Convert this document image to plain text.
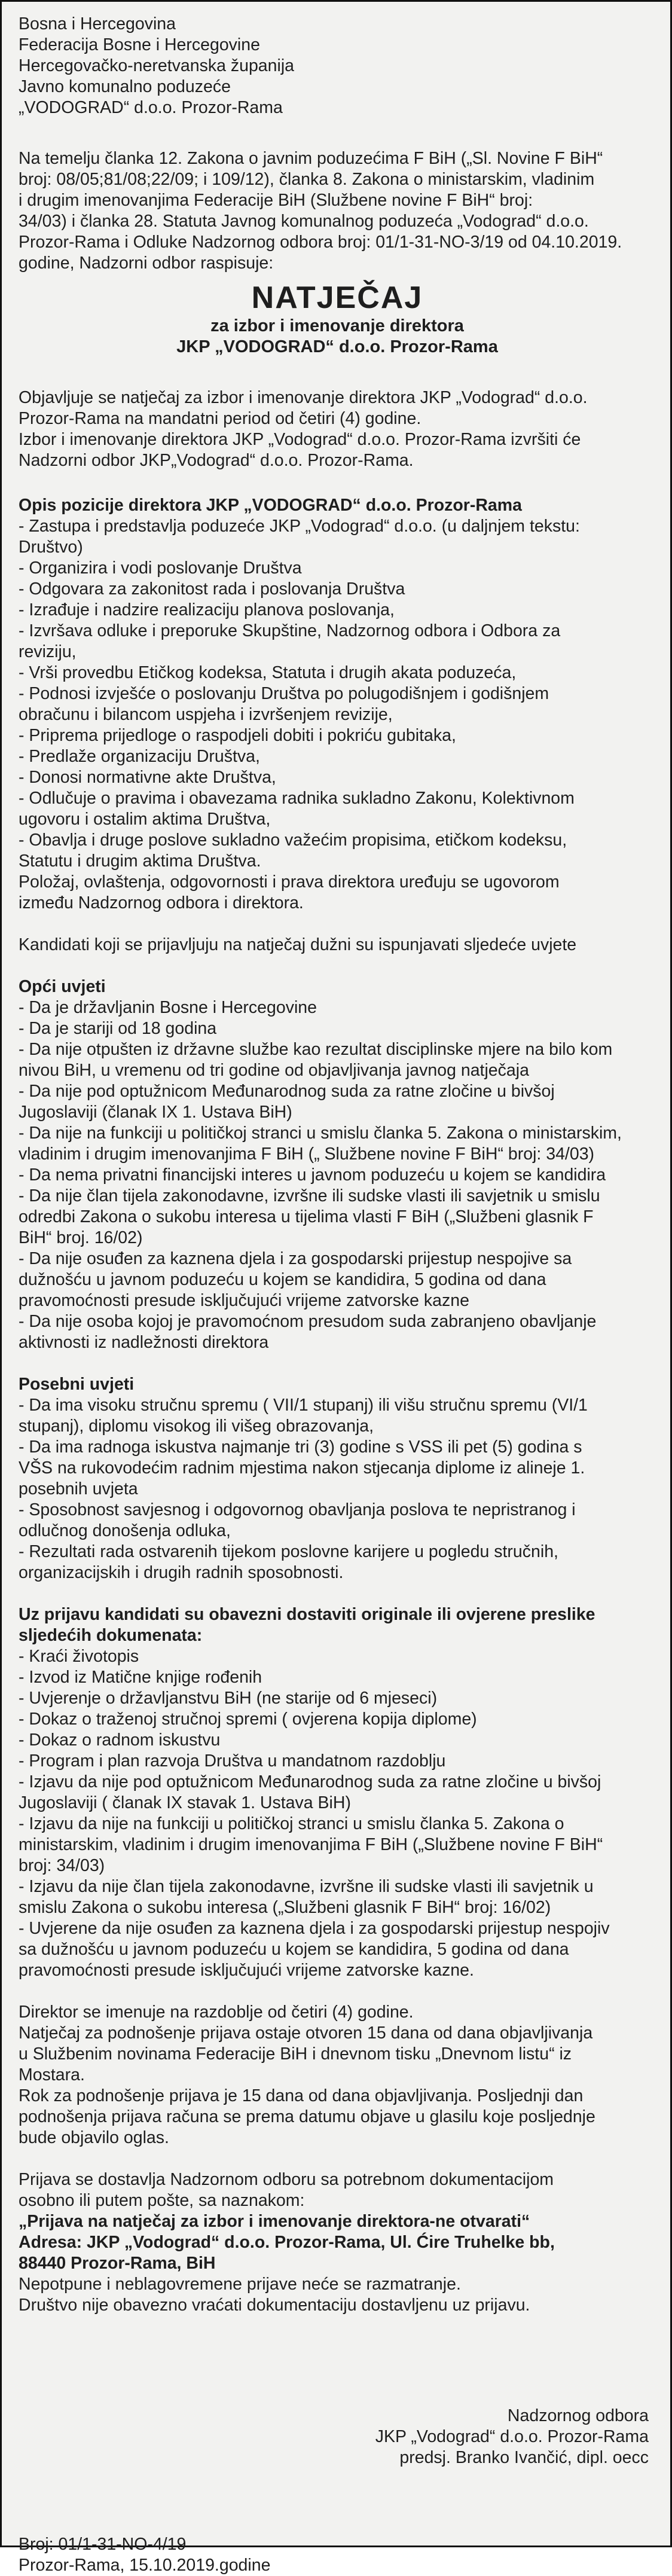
Bosna i Hercegovina
Federacija Bosne i Hercegovine
Hercegovačko-neretvanska županija
Javno komunalno poduzeće
„VODOGRAD“ d.o.o. Prozor-Rama
Na temelju članka 12. Zakona o javnim poduzećima F BiH („Sl. Novine F BiH“
broj: 08/05;81/08;22/09; i 109/12), članka 8. Zakona o ministarskim, vladinim
i drugim imenovanjima Federacije BiH (Službene novine F BiH“ broj:
34/03) i članka 28. Statuta Javnog komunalnog poduzeća „Vodograd“ d.o.o.
Prozor-Rama i Odluke Nadzornog odbora broj: 01/1-31-NO-3/19 od 04.10.2019.
godine, Nadzorni odbor raspisuje:
NATJEČAJ
za izbor i imenovanje direktora
JKP „VODOGRAD“ d.o.o. Prozor-Rama
Objavljuje se natječaj za izbor i imenovanje direktora JKP „Vodograd“ d.o.o.
Prozor-Rama na mandatni period od četiri (4) godine.
Izbor i imenovanje direktora JKP „Vodograd“ d.o.o. Prozor-Rama izvršiti će
Nadzorni odbor JKP„Vodograd“ d.o.o. Prozor-Rama.
Opis pozicije direktora JKP „VODOGRAD“ d.o.o. Prozor-Rama
- Zastupa i predstavlja poduzeće JKP „Vodograd“ d.o.o. (u daljnjem tekstu:
Društvo)
- Organizira i vodi poslovanje Društva
- Odgovara za zakonitost rada i poslovanja Društva
- Izrađuje i nadzire realizaciju planova poslovanja,
- Izvršava odluke i preporuke Skupštine, Nadzornog odbora i Odbora za
reviziju,
- Vrši provedbu Etičkog kodeksa, Statuta i drugih akata poduzeća,
- Podnosi izvješće o poslovanju Društva po polugodišnjem i godišnjem
obračunu i bilancom uspjeha i izvršenjem revizije,
- Priprema prijedloge o raspodjeli dobiti i pokriću gubitaka,
- Predlaže organizaciju Društva,
- Donosi normativne akte Društva,
- Odlučuje o pravima i obavezama radnika sukladno Zakonu, Kolektivnom
ugovoru i ostalim aktima Društva,
- Obavlja i druge poslove sukladno važećim propisima, etičkom kodeksu,
Statutu i drugim aktima Društva.
Položaj, ovlaštenja, odgovornosti i prava direktora uređuju se ugovorom
između Nadzornog odbora i direktora.
Kandidati koji se prijavljuju na natječaj dužni su ispunjavati sljedeće uvjete
Opći uvjeti
- Da je državljanin Bosne i Hercegovine
- Da je stariji od 18 godina
- Da nije otpušten iz državne službe kao rezultat disciplinske mjere na bilo kom
nivou BiH, u vremenu od tri godine od objavljivanja javnog natječaja
- Da nije pod optužnicom Međunarodnog suda za ratne zločine u bivšoj
Jugoslaviji (članak IX 1. Ustava BiH)
- Da nije na funkciji u političkoj stranci u smislu članka 5. Zakona o ministarskim,
vladinim i drugim imenovanjima F BiH („ Službene novine F BiH“ broj: 34/03)
- Da nema privatni financijski interes u javnom poduzeću u kojem se kandidira
- Da nije član tijela zakonodavne, izvršne ili sudske vlasti ili savjetnik u smislu
odredbi Zakona o sukobu interesa u tijelima vlasti F BiH („Službeni glasnik F
BiH“ broj. 16/02)
- Da nije osuđen za kaznena djela i za gospodarski prijestup nespojive sa
dužnošću u javnom poduzeću u kojem se kandidira, 5 godina od dana
pravomoćnosti presude isključujući vrijeme zatvorske kazne
- Da nije osoba kojoj je pravomoćnom presudom suda zabranjeno obavljanje
aktivnosti iz nadležnosti direktora
Posebni uvjeti
- Da ima visoku stručnu spremu ( VII/1 stupanj) ili višu stručnu spremu (VI/1
stupanj), diplomu visokog ili višeg obrazovanja,
- Da ima radnoga iskustva najmanje tri (3) godine s VSS ili pet (5) godina s
VŠS na rukovodećim radnim mjestima nakon stjecanja diplome iz alineje 1.
posebnih uvjeta
- Sposobnost savjesnog i odgovornog obavljanja poslova te nepristranog i
odlučnog donošenja odluka,
- Rezultati rada ostvarenih tijekom poslovne karijere u pogledu stručnih,
organizacijskih i drugih radnih sposobnosti.
Uz prijavu kandidati su obavezni dostaviti originale ili ovjerene preslike
sljedećih dokumenata:
- Kraći životopis
- Izvod iz Matične knjige rođenih
- Uvjerenje o državljanstvu BiH (ne starije od 6 mjeseci)
- Dokaz o traženoj stručnoj spremi ( ovjerena kopija diplome)
- Dokaz o radnom iskustvu
- Program i plan razvoja Društva u mandatnom razdoblju
- Izjavu da nije pod optužnicom Međunarodnog suda za ratne zločine u bivšoj
Jugoslaviji ( članak IX stavak 1. Ustava BiH)
- Izjavu da nije na funkciji u političkoj stranci u smislu članka 5. Zakona o
ministarskim, vladinim i drugim imenovanjima F BiH („Službene novine F BiH“
broj: 34/03)
- Izjavu da nije član tijela zakonodavne, izvršne ili sudske vlasti ili savjetnik u
smislu Zakona o sukobu interesa („Službeni glasnik F BiH“ broj: 16/02)
- Uvjerene da nije osuđen za kaznena djela i za gospodarski prijestup nespojiv
sa dužnošću u javnom poduzeću u kojem se kandidira, 5 godina od dana
pravomoćnosti presude isključujući vrijeme zatvorske kazne.
Direktor se imenuje na razdoblje od četiri (4) godine.
Natječaj za podnošenje prijava ostaje otvoren 15 dana od dana objavljivanja
u Službenim novinama Federacije BiH i dnevnom tisku „Dnevnom listu“ iz
Mostara.
Rok za podnošenje prijava je 15 dana od dana objavljivanja. Posljednji dan
podnošenja prijava računa se prema datumu objave u glasilu koje posljednje
bude objavilo oglas.
Prijava se dostavlja Nadzornom odboru sa potrebnom dokumentacijom
osobno ili putem pošte, sa naznakom:
„Prijava na natječaj za izbor i imenovanje direktora-ne otvarati“
Adresa: JKP „Vodograd“ d.o.o. Prozor-Rama, Ul. Ćire Truhelke bb,
88440 Prozor-Rama, BiH
Nepotpune i neblagovremene prijave neće se razmatranje.
Društvo nije obavezno vraćati dokumentaciju dostavljenu uz prijavu.
Nadzornog odbora
JKP „Vodograd“ d.o.o. Prozor-Rama
predsj. Branko Ivančić, dipl. oecc
Broj: 01/1-31-NO-4/19
Prozor-Rama, 15.10.2019.godine
